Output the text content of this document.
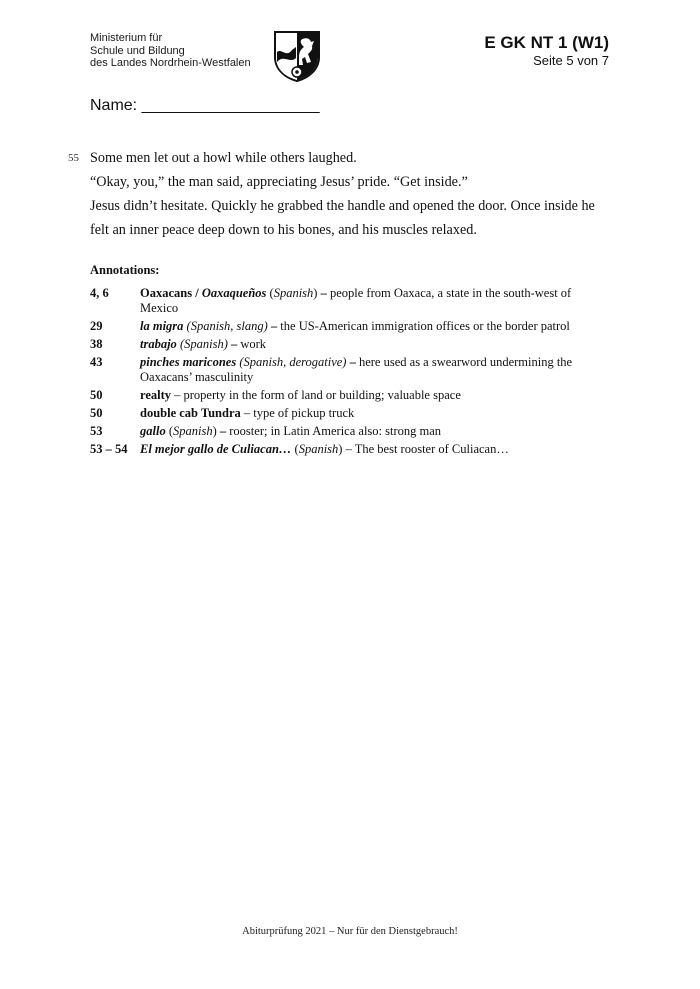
Ministerium für
Schule und Bildung
des Landes Nordrhein-Westfalen
E GK NT 1 (W1)
Seite 5 von 7
Name: ____________________
55 Some men let out a howl while others laughed.
“Okay, you,” the man said, appreciating Jesus’ pride. “Get inside.”
Jesus didn’t hesitate. Quickly he grabbed the handle and opened the door. Once inside he
felt an inner peace deep down to his bones, and his muscles relaxed.
Annotations:
4, 6	Oaxacans / Oaxaqueños (Spanish) – people from Oaxaca, a state in the south-west of Mexico
29	la migra (Spanish, slang) – the US-American immigration offices or the border patrol
38	trabajo (Spanish) – work
43	pinches maricones (Spanish, derogative) – here used as a swearword undermining the Oaxacans’ masculinity
50	realty – property in the form of land or building; valuable space
50	double cab Tundra – type of pickup truck
53	gallo (Spanish) – rooster; in Latin America also: strong man
53 – 54	El mejor gallo de Culiacan… (Spanish) – The best rooster of Culiacan…
Abiturprüfung 2021 – Nur für den Dienstgebrauch!
